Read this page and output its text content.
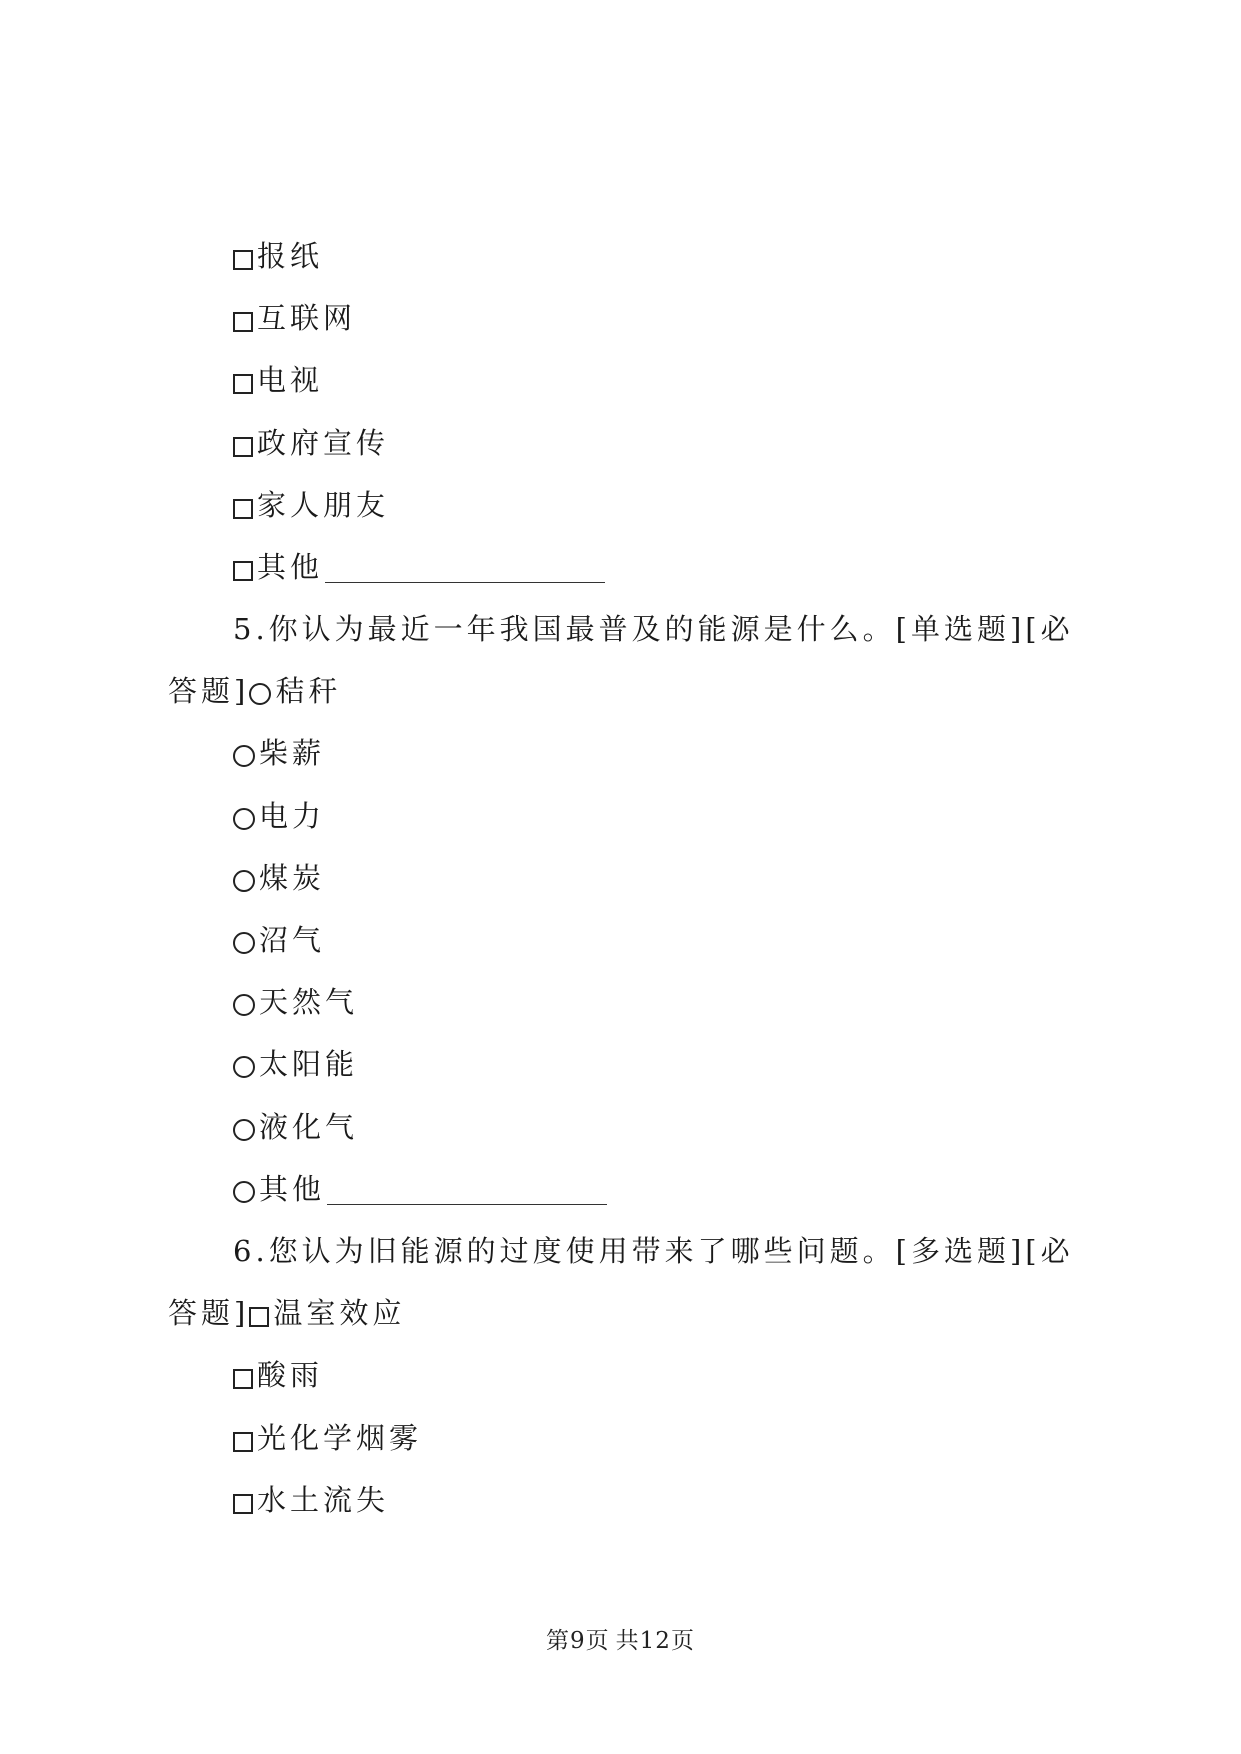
报纸
互联网
电视
政府宣传
家人朋友
其他
5.你认为最近一年我国最普及的能源是什么。[单选题][必
答题] 秸秆
柴薪
电力
煤炭
沼气
天然气
太阳能
液化气
其他
6.您认为旧能源的过度使用带来了哪些问题。[多选题][必
答题] 温室效应
酸雨
光化学烟雾
水土流失
第9页 共12页
